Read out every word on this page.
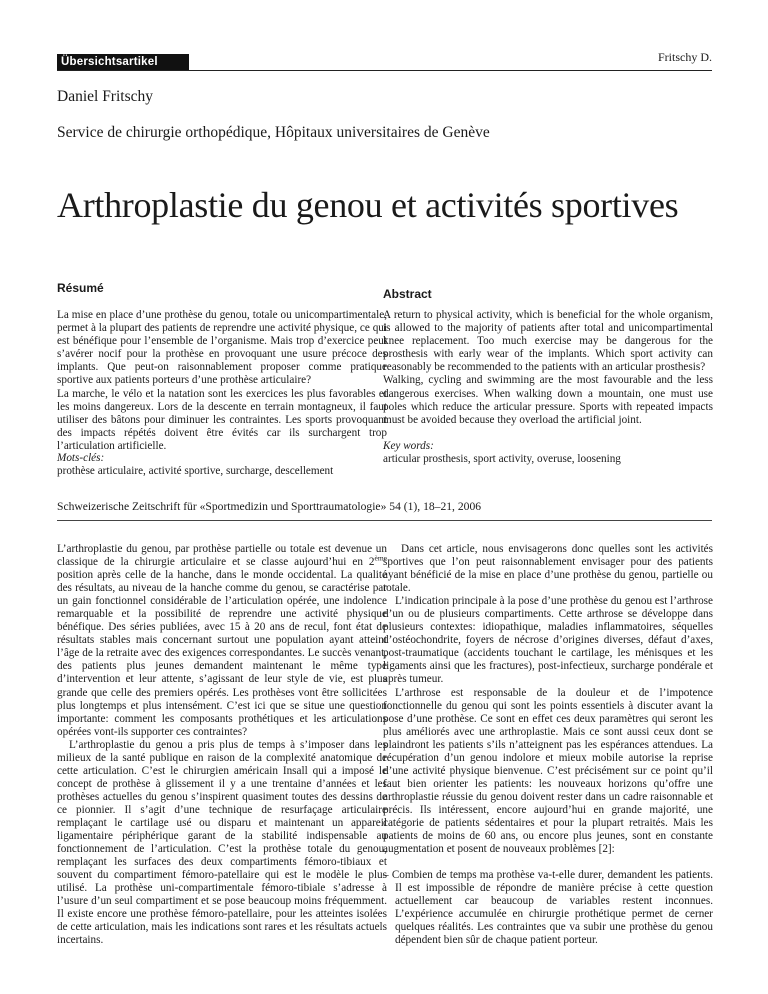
Übersichtsartikel	Fritschy D.
Daniel Fritschy
Service de chirurgie orthopédique, Hôpitaux universitaires de Genève
Arthroplastie du genou et activités sportives
Résumé

La mise en place d’une prothèse du genou, totale ou unicompartimentale, permet à la plupart des patients de reprendre une activité physique, ce qui est bénéfique pour l’ensemble de l’organisme. Mais trop d’exercice peut s’avérer nocif pour la prothèse en provoquant une usure précoce des implants. Que peut-on raisonnablement proposer comme pratique sportive aux patients porteurs d’une prothèse articulaire?

La marche, le vélo et la natation sont les exercices les plus favorables et les moins dangereux. Lors de la descente en terrain montagneux, il faut utiliser des bâtons pour diminuer les contraintes. Les sports provoquant des impacts répétés doivent être évités car ils surchargent trop l’articulation artificielle.

Mots-clés:
prothèse articulaire, activité sportive, surcharge, descellement
Abstract

A return to physical activity, which is beneficial for the whole organism, is allowed to the majority of patients after total and unicompartimental knee replacement. Too much exercise may be dangerous for the prosthesis with early wear of the implants. Which sport activity can reasonably be recommended to the patients with an articular prosthesis?

Walking, cycling and swimming are the most favourable and the less dangerous exercises. When walking down a mountain, one must use poles which reduce the articular pressure. Sports with repeated impacts must be avoided because they overload the artificial joint.

Key words:
articular prosthesis, sport activity, overuse, loosening
Schweizerische Zeitschrift für «Sportmedizin und Sporttraumatologie» 54 (1), 18–21, 2006

L’arthroplastie du genou, par prothèse partielle ou totale est devenue un classique de la chirurgie articulaire et se classe aujourd’hui en 2ème position après celle de la hanche, dans le monde occidental. La qualité des résultats, au niveau de la hanche comme du genou, se caractérise par un gain fonctionnel considérable de l’articulation opérée, une indolence remarquable et la possibilité de reprendre une activité physique bénéfique. Des séries publiées, avec 15 à 20 ans de recul, font état de résultats stables mais concernant surtout une population ayant atteint l’âge de la retraite avec des exigences correspondantes. Le succès venant, des patients plus jeunes demandent maintenant le même type d’intervention et leur attente, s’agissant de leur style de vie, est plus grande que celle des premiers opérés. Les prothèses vont être sollicitées plus longtemps et plus intensément. C’est ici que se situe une question importante: comment les composants prothétiques et les articulations opérées vont-ils supporter ces contraintes?

L’arthroplastie du genou a pris plus de temps à s’imposer dans les milieux de la santé publique en raison de la complexité anatomique de cette articulation. C’est le chirurgien américain Insall qui a imposé le concept de prothèse à glissement il y a une trentaine d’années et les prothèses actuelles du genou s’inspirent quasiment toutes des dessins de ce pionnier. Il s’agit d’une technique de resurfaçage articulaire remplaçant le cartilage usé ou disparu et maintenant un appareil ligamentaire périphérique garant de la stabilité indispensable au fonctionnement de l’articulation. C’est la prothèse totale du genou, remplaçant les surfaces des deux compartiments fémoro-tibiaux et souvent du compartiment fémoro-patellaire qui est le modèle le plus utilisé. La prothèse uni-compartimentale fémoro-tibiale s’adresse à l’usure d’un seul compartiment et se pose beaucoup moins fréquemment. Il existe encore une prothèse fémoro-patellaire, pour les atteintes isolées de cette articulation, mais les indications sont rares et les résultats actuels incertains.

Dans cet article, nous envisagerons donc quelles sont les activités sportives que l’on peut raisonnablement envisager pour des patients ayant bénéficié de la mise en place d’une prothèse du genou, partielle ou totale.

L’indication principale à la pose d’une prothèse du genou est l’arthrose d’un ou de plusieurs compartiments. Cette arthrose se développe dans plusieurs contextes: idiopathique, maladies inflammatoires, séquelles d’ostéochondrite, foyers de nécrose d’origines diverses, défaut d’axes, post-traumatique (accidents touchant le cartilage, les ménisques et les ligaments ainsi que les fractures), post-infectieux, surcharge pondérale et après tumeur.

L’arthrose est responsable de la douleur et de l’impotence fonctionnelle du genou qui sont les points essentiels à discuter avant la pose d’une prothèse. Ce sont en effet ces deux paramètres qui seront les plus améliorés avec une arthroplastie. Mais ce sont aussi ceux dont se plaindront les patients s’ils n’atteignent pas les espérances attendues. La récupération d’un genou indolore et mieux mobile autorise la reprise d’une activité physique bienvenue. C’est précisément sur ce point qu’il faut bien orienter les patients: les nouveaux horizons qu’offre une arthroplastie réussie du genou doivent rester dans un cadre raisonnable et précis. Ils intéressent, encore aujourd’hui en grande majorité, une catégorie de patients sédentaires et pour la plupart retraités. Mais les patients de moins de 60 ans, ou encore plus jeunes, sont en constante augmentation et posent de nouveaux problèmes [2]:

– Combien de temps ma prothèse va-t-elle durer, demandent les patients. Il est impossible de répondre de manière précise à cette question actuellement car beaucoup de variables restent inconnues. L’expérience accumulée en chirurgie prothétique permet de cerner quelques réalités. Les contraintes que va subir une prothèse du genou dépendent bien sûr de chaque patient porteur.
